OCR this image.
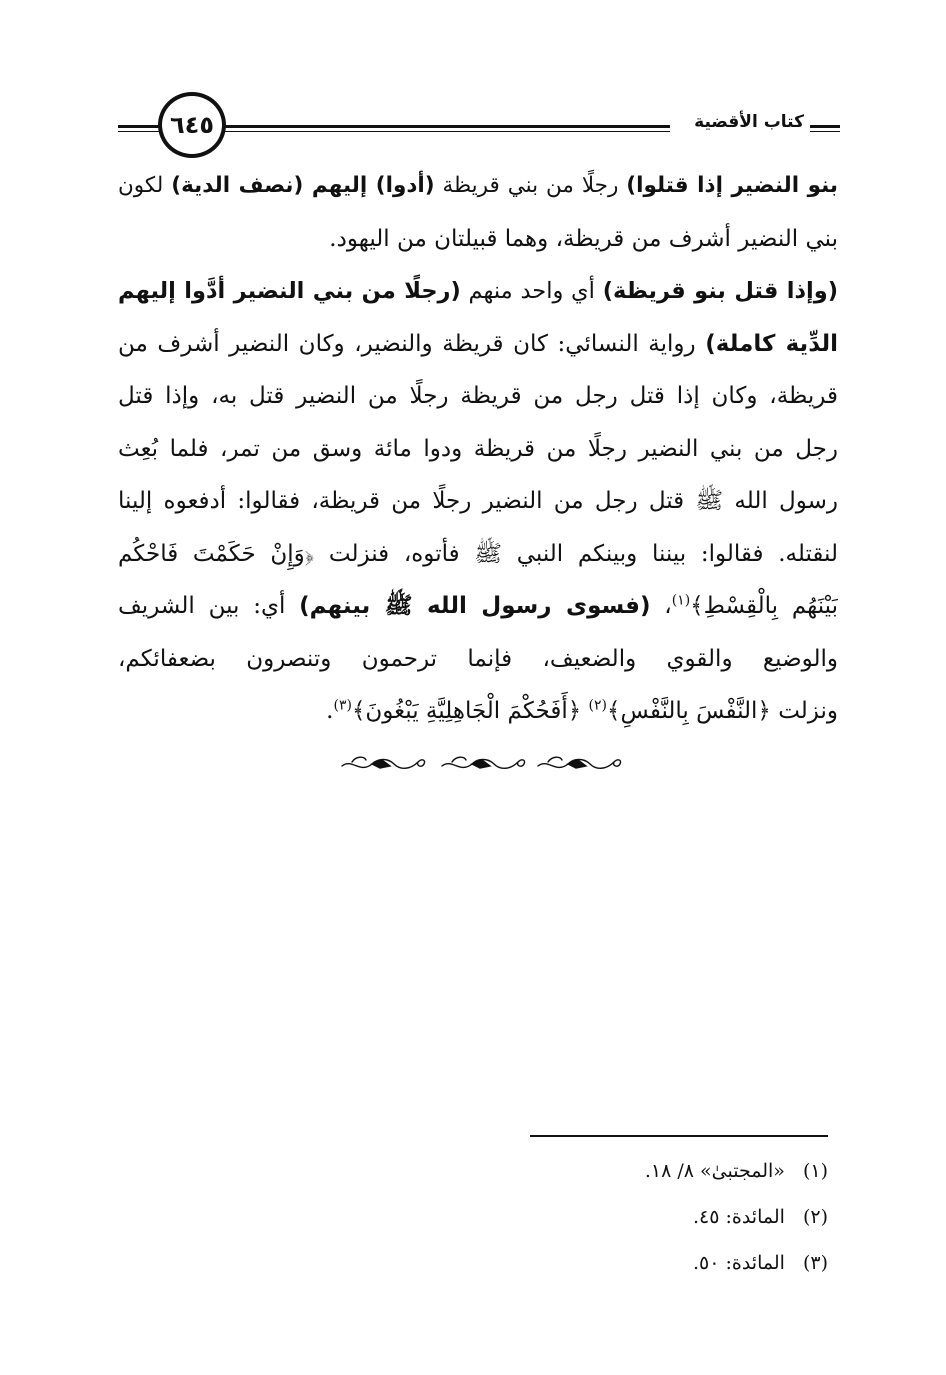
كتاب الأقضية
٦٤٥

بنو النضير إذا قتلوا) رجلًا من بني قريظة (أدوا) إليهم (نصف الدية) لكون

بني النضير أشرف من قريظة، وهما قبيلتان من اليهود.

(وإذا قتل بنو قريظة) أي واحد منهم (رجلًا من بني النضير أدَّوا إليهم
الدِّية كاملة) رواية النسائي: كان قريظة والنضير، وكان النضير أشرف من
قريظة، وكان إذا قتل رجل من قريظة رجلًا من النضير قتل به، وإذا قتل
رجل من بني النضير رجلًا من قريظة ودوا مائة وسق من تمر، فلما بُعِث
رسول الله ﷺ قتل رجل من النضير رجلًا من قريظة، فقالوا: أدفعوه إلينا
لنقتله. فقالوا: بيننا وبينكم النبي ﷺ فأتوه، فنزلت ﴿وَإِنْ حَكَمْتَ فَاحْكُم
بَيْنَهُم بِالْقِسْطِ﴾$^{(١)}$، (فسوى رسول الله ﷺ بينهم) أي: بين الشريف
والوضيع والقوي والضعيف، فإنما ترحمون وتنصرون بضعفائكم،

ونزلت ﴿النَّفْسَ بِالنَّفْسِ﴾$^{(٢)}$ ﴿أَفَحُكْمَ الْجَاهِلِيَّةِ يَبْغُونَ﴾$^{(٣)}$.

(١)«المجتبىٰ» ٨/ ١٨.
(٢)المائدة: ٤٥.
(٣)المائدة: ٥٠.
